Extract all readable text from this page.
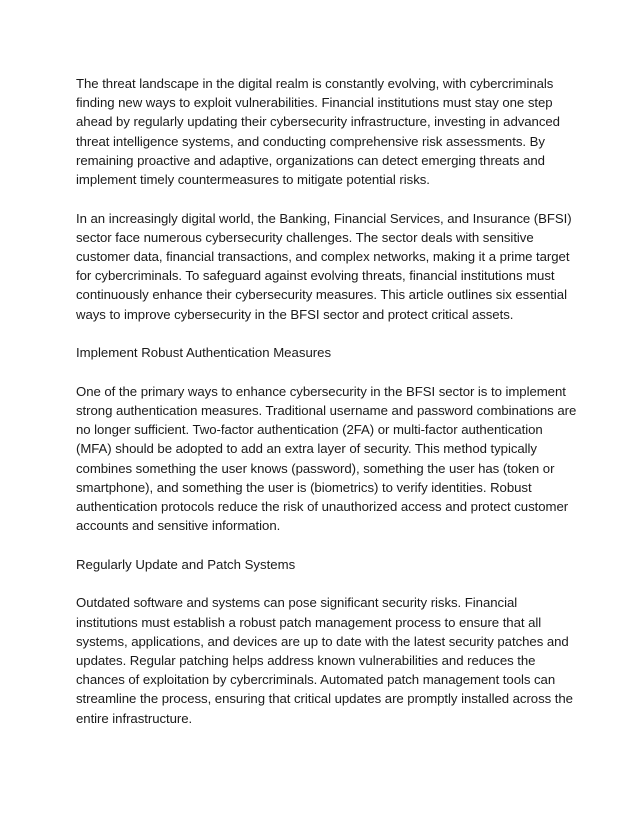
The threat landscape in the digital realm is constantly evolving, with cybercriminals finding new ways to exploit vulnerabilities. Financial institutions must stay one step ahead by regularly updating their cybersecurity infrastructure, investing in advanced threat intelligence systems, and conducting comprehensive risk assessments. By remaining proactive and adaptive, organizations can detect emerging threats and implement timely countermeasures to mitigate potential risks.

In an increasingly digital world, the Banking, Financial Services, and Insurance (BFSI) sector face numerous cybersecurity challenges. The sector deals with sensitive customer data, financial transactions, and complex networks, making it a prime target for cybercriminals. To safeguard against evolving threats, financial institutions must continuously enhance their cybersecurity measures. This article outlines six essential ways to improve cybersecurity in the BFSI sector and protect critical assets.

Implement Robust Authentication Measures

One of the primary ways to enhance cybersecurity in the BFSI sector is to implement strong authentication measures. Traditional username and password combinations are no longer sufficient. Two-factor authentication (2FA) or multi-factor authentication (MFA) should be adopted to add an extra layer of security. This method typically combines something the user knows (password), something the user has (token or smartphone), and something the user is (biometrics) to verify identities. Robust authentication protocols reduce the risk of unauthorized access and protect customer accounts and sensitive information.

Regularly Update and Patch Systems

Outdated software and systems can pose significant security risks. Financial institutions must establish a robust patch management process to ensure that all systems, applications, and devices are up to date with the latest security patches and updates. Regular patching helps address known vulnerabilities and reduces the chances of exploitation by cybercriminals. Automated patch management tools can streamline the process, ensuring that critical updates are promptly installed across the entire infrastructure.
